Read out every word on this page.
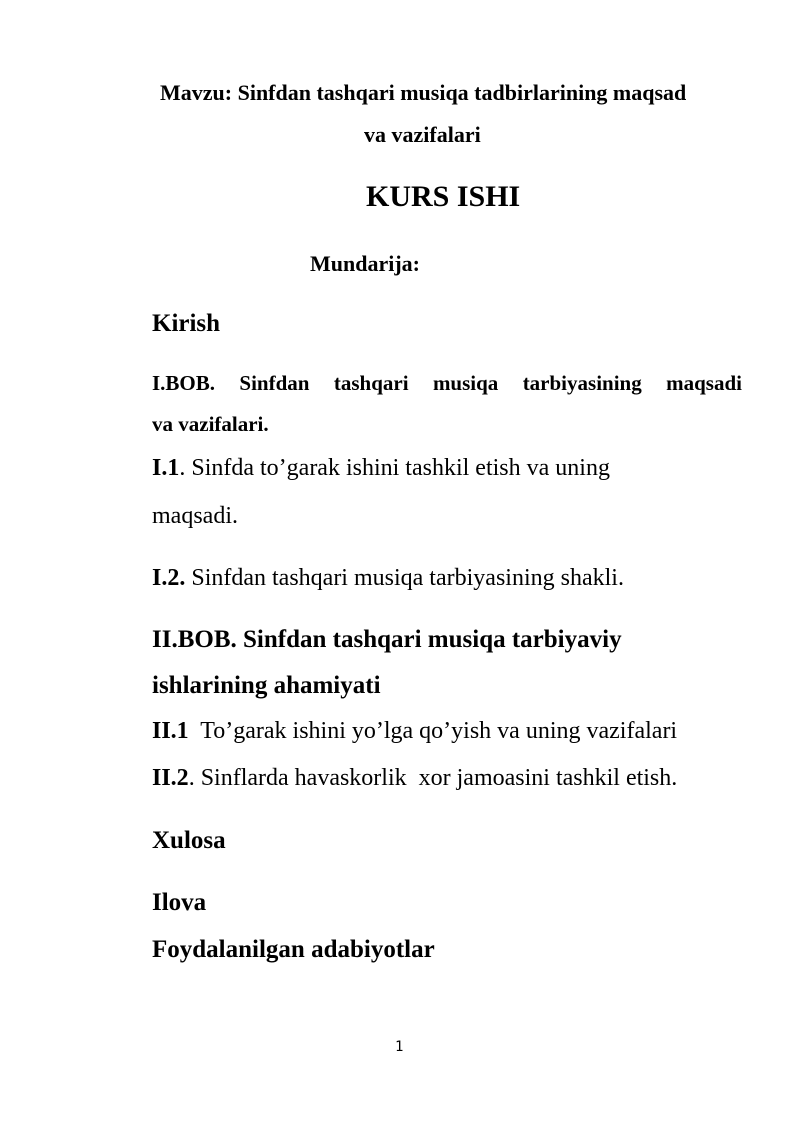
Mavzu: Sinfdan tashqari musiqa tadbirlarining maqsad
va vazifalari
KURS ISHI
Mundarija:
Kirish
I.BOB. Sinfdan tashqari musiqa tarbiyasining maqsadi
va vazifalari.
I.1. Sinfda to’garak ishini tashkil etish va uning
maqsadi.
I.2. Sinfdan tashqari musiqa tarbiyasining shakli.
II.BOB. Sinfdan tashqari musiqa tarbiyaviy
ishlarining ahamiyati
II.1  To’garak ishini yo’lga qo’yish va uning vazifalari
II.2. Sinflarda havaskorlik  xor jamoasini tashkil etish.
Xulosa
Ilova
Foydalanilgan adabiyotlar
1
